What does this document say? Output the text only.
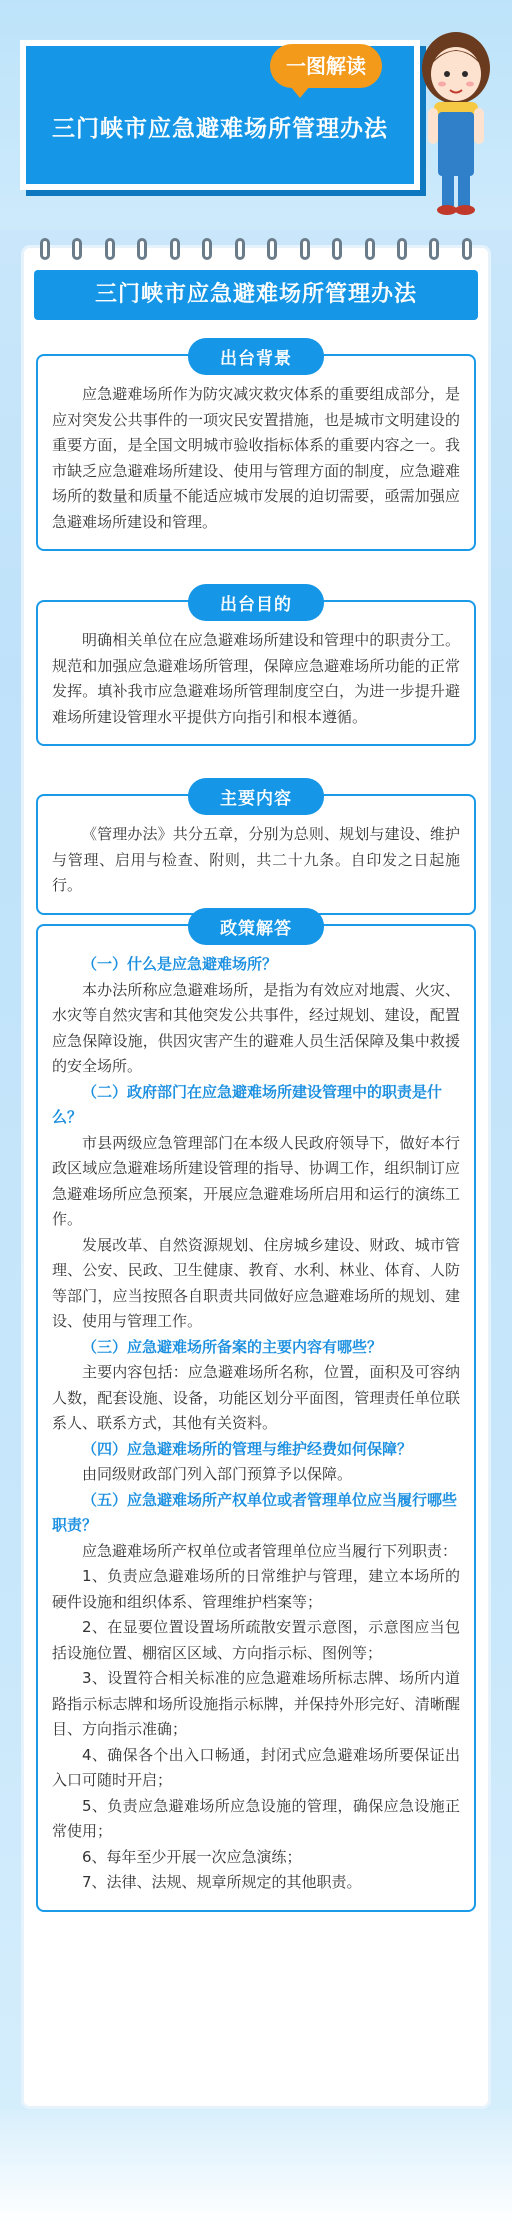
三门峡市应急避难场所管理办法
一图解读
三门峡市应急避难场所管理办法
出台背景

应急避难场所作为防灾减灾救灾体系的重要组成部分，是应对突发公共事件的一项灾民安置措施，也是城市文明建设的重要方面，是全国文明城市验收指标体系的重要内容之一。我市缺乏应急避难场所建设、使用与管理方面的制度，应急避难场所的数量和质量不能适应城市发展的迫切需要，亟需加强应急避难场所建设和管理。

出台目的

明确相关单位在应急避难场所建设和管理中的职责分工。规范和加强应急避难场所管理，保障应急避难场所功能的正常发挥。填补我市应急避难场所管理制度空白，为进一步提升避难场所建设管理水平提供方向指引和根本遵循。

主要内容

《管理办法》共分五章，分别为总则、规划与建设、维护与管理、启用与检查、附则，共二十九条。自印发之日起施行。

政策解答

（一）什么是应急避难场所？

本办法所称应急避难场所，是指为有效应对地震、火灾、水灾等自然灾害和其他突发公共事件，经过规划、建设，配置应急保障设施，供因灾害产生的避难人员生活保障及集中救援的安全场所。

（二）政府部门在应急避难场所建设管理中的职责是什么？

市县两级应急管理部门在本级人民政府领导下，做好本行政区域应急避难场所建设管理的指导、协调工作，组织制订应急避难场所应急预案，开展应急避难场所启用和运行的演练工作。

发展改革、自然资源规划、住房城乡建设、财政、城市管理、公安、民政、卫生健康、教育、水利、林业、体育、人防等部门，应当按照各自职责共同做好应急避难场所的规划、建设、使用与管理工作。

（三）应急避难场所备案的主要内容有哪些？

主要内容包括：应急避难场所名称，位置，面积及可容纳人数，配套设施、设备，功能区划分平面图，管理责任单位联系人、联系方式，其他有关资料。

（四）应急避难场所的管理与维护经费如何保障？

由同级财政部门列入部门预算予以保障。

（五）应急避难场所产权单位或者管理单位应当履行哪些职责？

应急避难场所产权单位或者管理单位应当履行下列职责：

1、负责应急避难场所的日常维护与管理，建立本场所的硬件设施和组织体系、管理维护档案等；

2、在显要位置设置场所疏散安置示意图，示意图应当包括设施位置、棚宿区区域、方向指示标、图例等；

3、设置符合相关标准的应急避难场所标志牌、场所内道路指示标志牌和场所设施指示标牌，并保持外形完好、清晰醒目、方向指示准确；

4、确保各个出入口畅通，封闭式应急避难场所要保证出入口可随时开启；

5、负责应急避难场所应急设施的管理，确保应急设施正常使用；

6、每年至少开展一次应急演练；

7、法律、法规、规章所规定的其他职责。
